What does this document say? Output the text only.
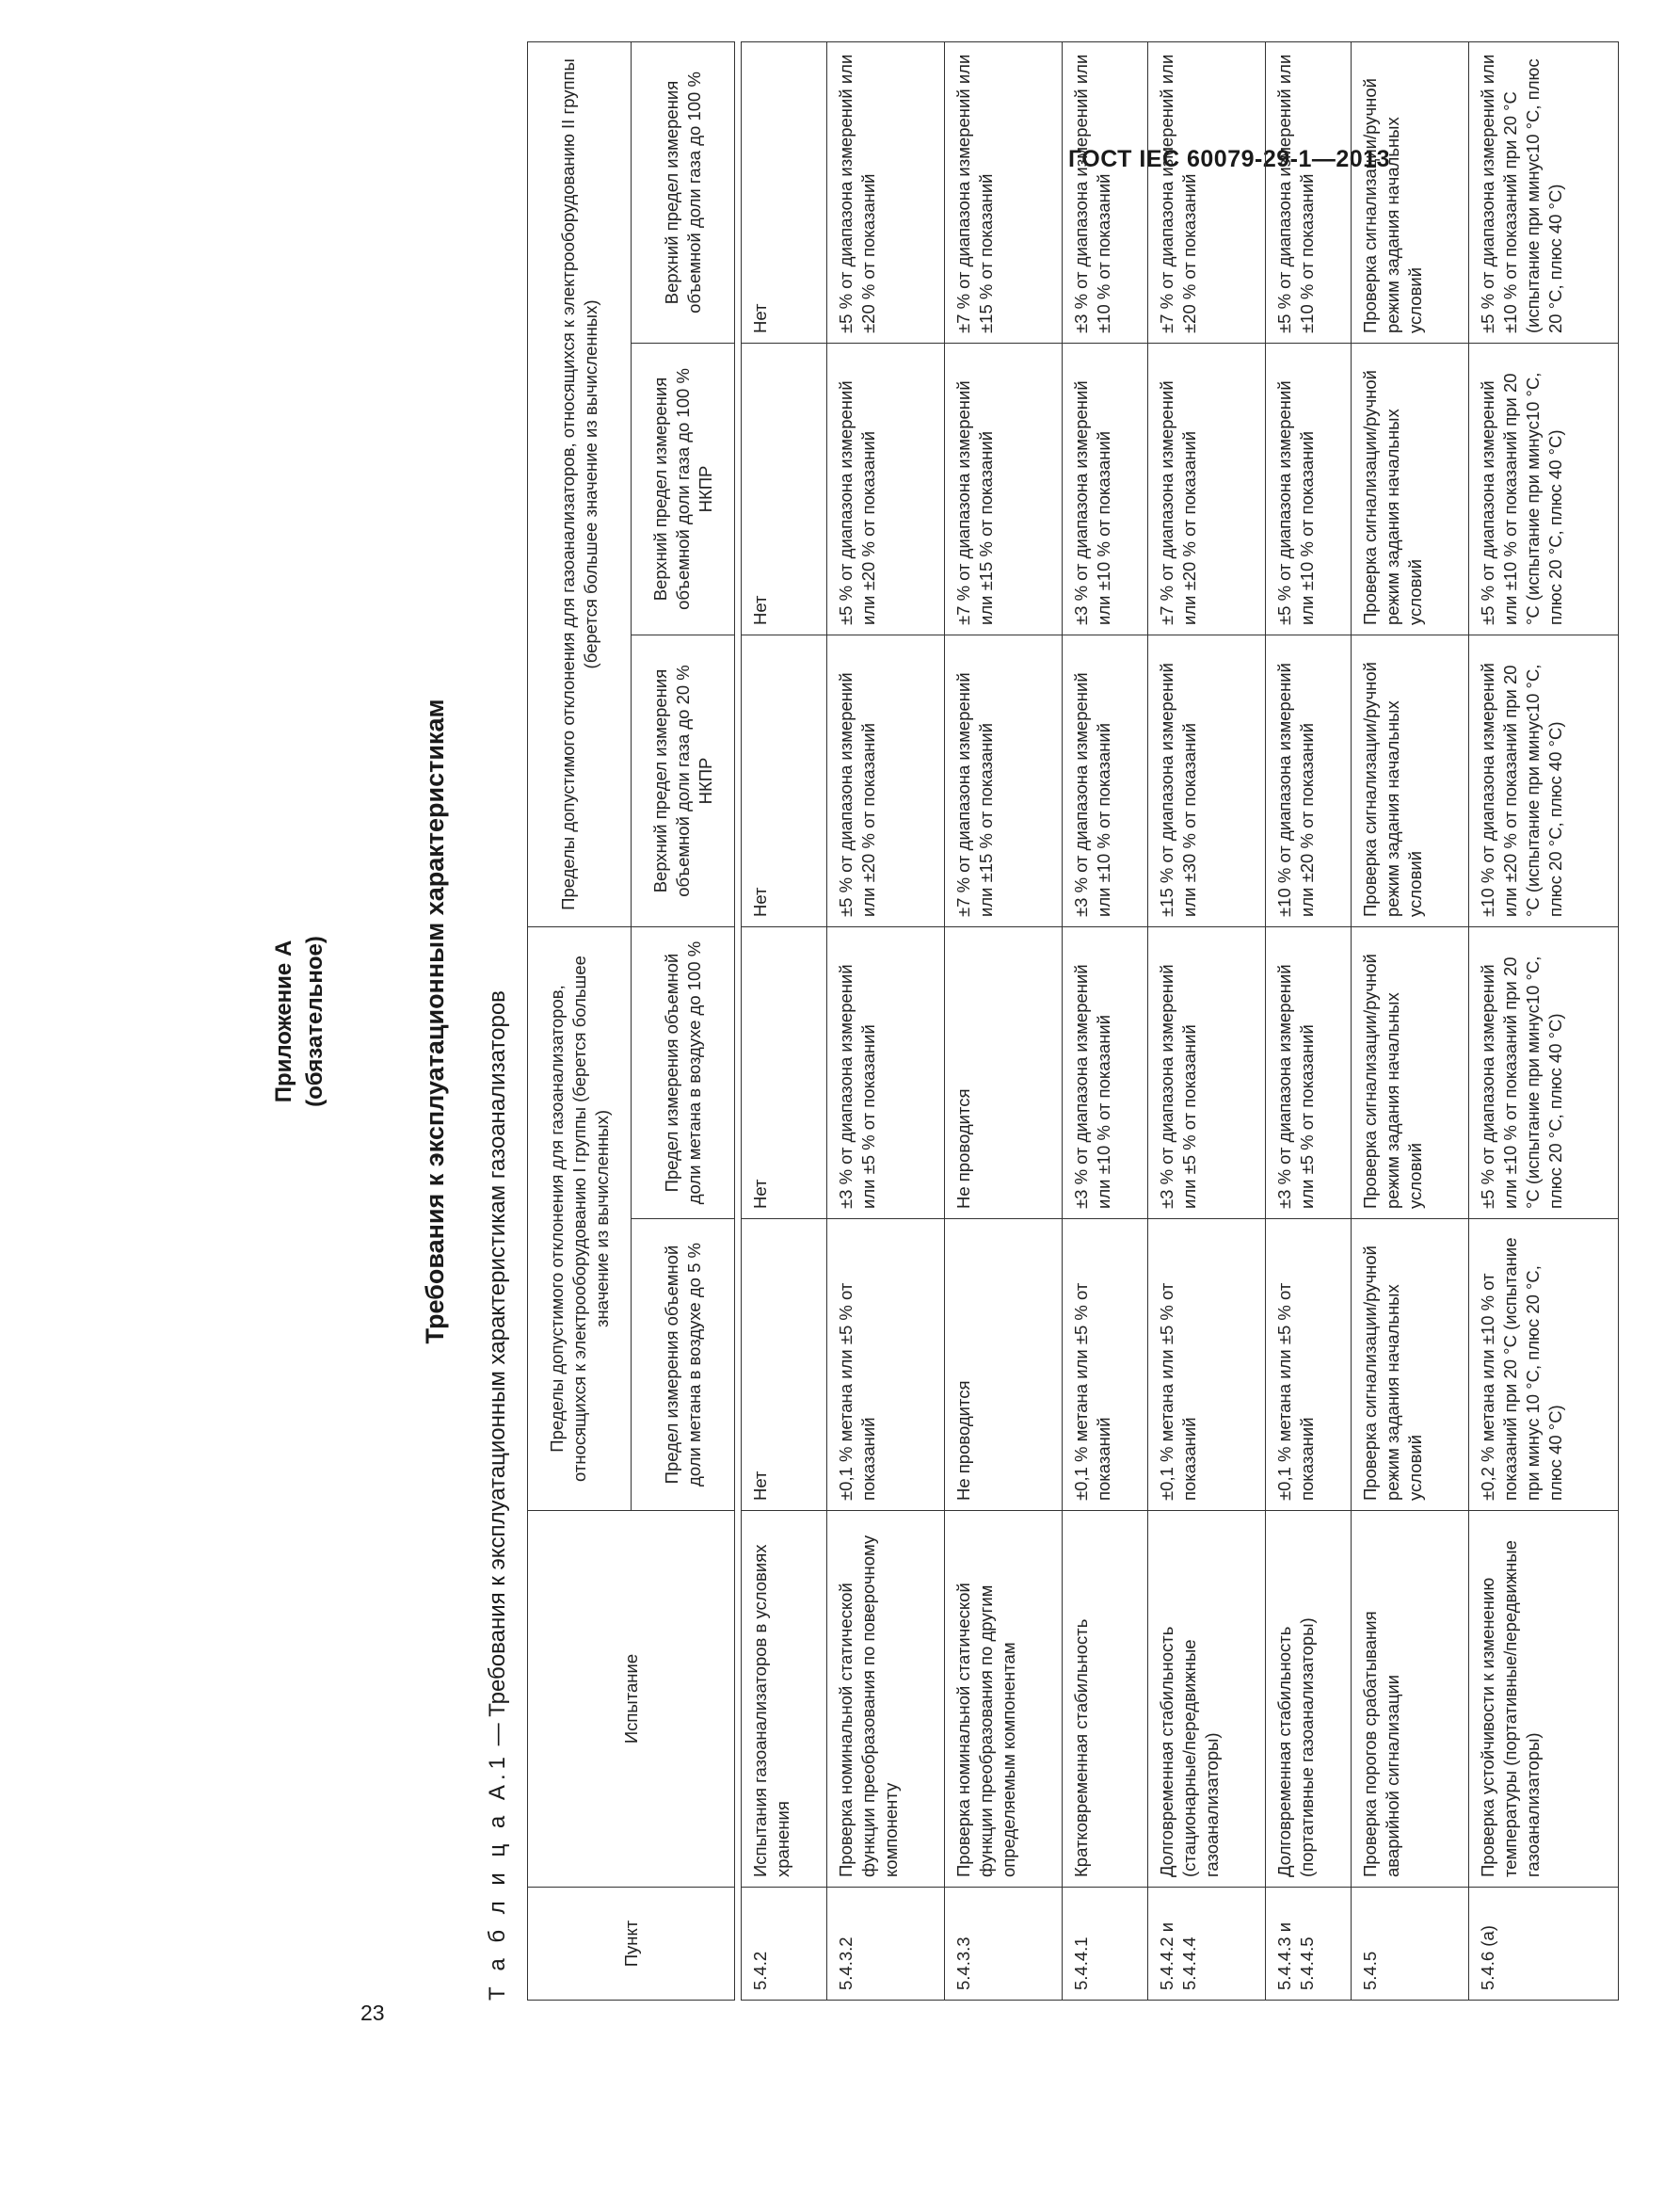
ГОСТ IEC 60079-29-1—2013
23
Приложение А (обязательное)	Требования к эксплуатационным характеристикам
Т а б л и ц а А.1 — Требования к эксплуатационным характеристикам газоанализаторов
Пункт	Испытание	Пределы допустимого отклонения для газоанализаторов, относящихся к электрооборудованию I группы (берется большее значение из вычисленных)		Пределы допустимого отклонения для газоанализаторов, относящихся к электрооборудованию II группы (берется большее значение из вычисленных)		
		Предел измерения объемной доли метана в воздухе до 5 %	Предел измерения объемной доли метана в воздухе до 100 %	Верхний предел измерения объемной доли газа до 20 % НКПР	Верхний предел измерения объемной доли газа до 100 % НКПР	Верхний предел измерения объемной доли газа до 100 %

5.4.2	Испытания газоанализаторов в условиях хранения	Нет	Нет	Нет	Нет	Нет
5.4.3.2	Проверка номинальной статической функции преобразования по поверочному компоненту	±0,1 % метана или ±5 % от показаний	±3 % от диапазона измерений или ±5 % от показаний	±5 % от диапазона измерений или ±20 % от показаний	±5 % от диапазона измерений или ±20 % от показаний	±5 % от диапазона измерений или ±20 % от показаний
5.4.3.3	Проверка номинальной статической функции преобразования по другим определяемым компонентам	Не проводится	Не проводится	±7 % от диапазона измерений или ±15 % от показаний	±7 % от диапазона измерений или ±15 % от показаний	±7 % от диапазона измерений или ±15 % от показаний
5.4.4.1	Кратковременная стабильность	±0,1 % метана или ±5 % от показаний	±3 % от диапазона измерений или ±10 % от показаний	±3 % от диапазона измерений или ±10 % от показаний	±3 % от диапазона измерений или ±10 % от показаний	±3 % от диапазона измерений или ±10 % от показаний
5.4.4.2 и 5.4.4.4	Долговременная стабильность (стационарные/передвижные газоанализаторы)	±0,1 % метана или ±5 % от показаний	±3 % от диапазона измерений или ±5 % от показаний	±15 % от диапазона измерений или ±30 % от показаний	±7 % от диапазона измерений или ±20 % от показаний	±7 % от диапазона измерений или ±20 % от показаний
5.4.4.3 и 5.4.4.5	Долговременная стабильность (портативные газоанализаторы)	±0,1 % метана или ±5 % от показаний	±3 % от диапазона измерений или ±5 % от показаний	±10 % от диапазона измерений или ±20 % от показаний	±5 % от диапазона измерений или ±10 % от показаний	±5 % от диапазона измерений или ±10 % от показаний
5.4.5	Проверка порогов срабатывания аварийной сигнализации	Проверка сигнализации/ручной режим задания начальных условий	Проверка сигнализации/ручной режим задания начальных условий	Проверка сигнализации/ручной режим задания начальных условий	Проверка сигнализации/ручной режим задания начальных условий	Проверка сигнализации/ручной режим задания начальных условий
5.4.6 (а)	Проверка устойчивости к изменению температуры (портативные/передвижные газоанализаторы)	±0,2 % метана или ±10 % от показаний при 20 °С (испытание при минус 10 °С, плюс 20 °С, плюс 40 °С)	±5 % от диапазона измерений или ±10 % от показаний при 20 °С (испытание при минус10 °С, плюс 20 °С, плюс 40 °С)	±10 % от диапазона измерений или ±20 % от показаний при 20 °С (испытание при минус10 °С, плюс 20 °С, плюс 40 °С)	±5 % от диапазона измерений или ±10 % от показаний при 20 °С (испытание при минус10 °С, плюс 20 °С, плюс 40 °С)	±5 % от диапазона измерений или ±10 % от показаний при 20 °С (испытание при минус10 °С, плюс 20 °С, плюс 40 °С)
